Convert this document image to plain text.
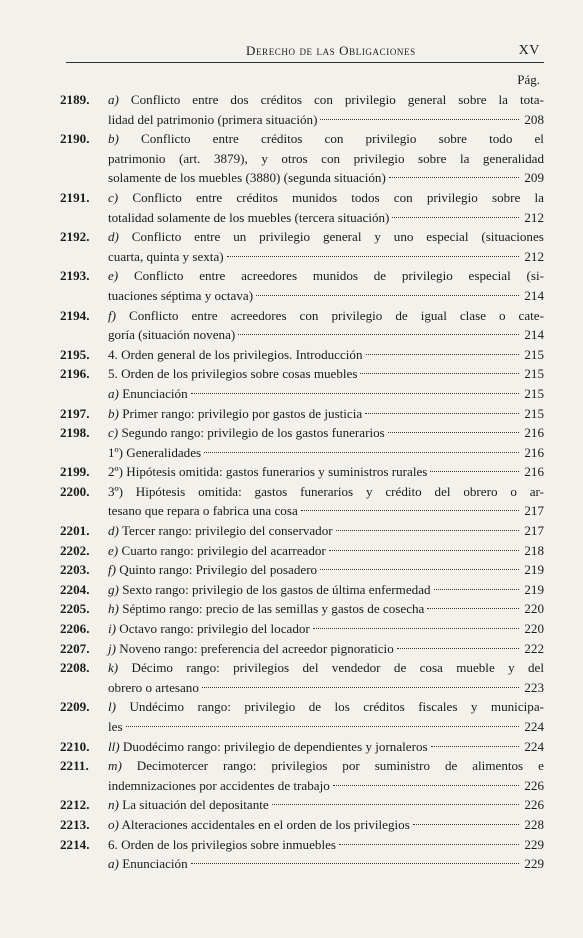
Derecho de las Obligaciones	XV
Pág.
2189.	a) Conflicto entre dos créditos con privilegio general sobre la tota-
lidad del patrimonio (primera situación)	208
2190.	b) Conflicto entre créditos con privilegio sobre todo el
patrimonio (art. 3879), y otros con privilegio sobre la generalidad
solamente de los muebles (3880) (segunda situación)	209
2191.	c) Conflicto entre créditos munidos todos con privilegio sobre la
totalidad solamente de los muebles (tercera situación)	212
2192.	d) Conflicto entre un privilegio general y uno especial (situaciones
cuarta, quinta y sexta)	212
2193.	e) Conflicto entre acreedores munidos de privilegio especial (si-
tuaciones séptima y octava)	214
2194.	f) Conflicto entre acreedores con privilegio de igual clase o cate-
goría (situación novena)	214
2195.	4. Orden general de los privilegios. Introducción	215
2196.	5. Orden de los privilegios sobre cosas muebles	215
a) Enunciación	215
2197.	b) Primer rango: privilegio por gastos de justicia	215
2198.	c) Segundo rango: privilegio de los gastos funerarios	216
1º) Generalidades	216
2199.	2º) Hipótesis omitida: gastos funerarios y suministros rurales	216
2200.	3º) Hipótesis omitida: gastos funerarios y crédito del obrero o ar-
tesano que repara o fabrica una cosa	217
2201.	d) Tercer rango: privilegio del conservador	217
2202.	e) Cuarto rango: privilegio del acarreador	218
2203.	f) Quinto rango: Privilegio del posadero	219
2204.	g) Sexto rango: privilegio de los gastos de última enfermedad	219
2205.	h) Séptimo rango: precio de las semillas y gastos de cosecha	220
2206.	i) Octavo rango: privilegio del locador	220
2207.	j) Noveno rango: preferencia del acreedor pignoraticio	222
2208.	k) Décimo rango: privilegios del vendedor de cosa mueble y del
obrero o artesano	223
2209.	l) Undécimo rango: privilegio de los créditos fiscales y municipa-
les	224
2210.	ll) Duodécimo rango: privilegio de dependientes y jornaleros	224
2211.	m) Decimotercer rango: privilegios por suministro de alimentos e
indemnizaciones por accidentes de trabajo	226
2212.	n) La situación del depositante	226
2213.	o) Alteraciones accidentales en el orden de los privilegios	228
2214.	6. Orden de los privilegios sobre inmuebles	229
a) Enunciación	229
